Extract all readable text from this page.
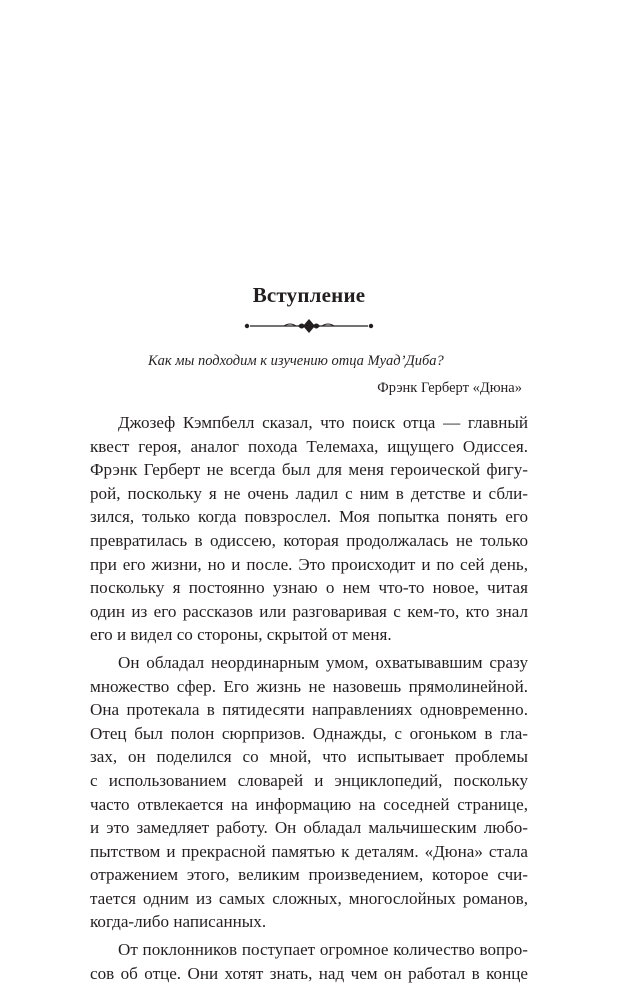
Вступление
Как мы подходим к изучению отца Муад’Диба?
Фрэнк Герберт «Дюна»
Джозеф Кэмпбелл сказал, что поиск отца — главный
квест героя, аналог похода Телемаха, ищущего Одиссея.
Фрэнк Герберт не всегда был для меня героической фигу-
рой, поскольку я не очень ладил с ним в детстве и сбли-
зился, только когда повзрослел. Моя попытка понять его
превратилась в одиссею, которая продолжалась не только
при его жизни, но и после. Это происходит и по сей день,
поскольку я постоянно узнаю о нем что-то новое, читая
один из его рассказов или разговаривая с кем-то, кто знал
его и видел со стороны, скрытой от меня.
Он обладал неординарным умом, охватывавшим сразу
множество сфер. Его жизнь не назовешь прямолинейной.
Она протекала в пятидесяти направлениях одновременно.
Отец был полон сюрпризов. Однажды, с огоньком в гла-
зах, он поделился со мной, что испытывает проблемы
с использованием словарей и энциклопедий, поскольку
часто отвлекается на информацию на соседней странице,
и это замедляет работу. Он обладал мальчишеским любо-
пытством и прекрасной памятью к деталям. «Дюна» стала
отражением этого, великим произведением, которое счи-
тается одним из самых сложных, многослойных романов,
когда-либо написанных.
От поклонников поступает огромное количество вопро-
сов об отце. Они хотят знать, над чем он работал в конце
